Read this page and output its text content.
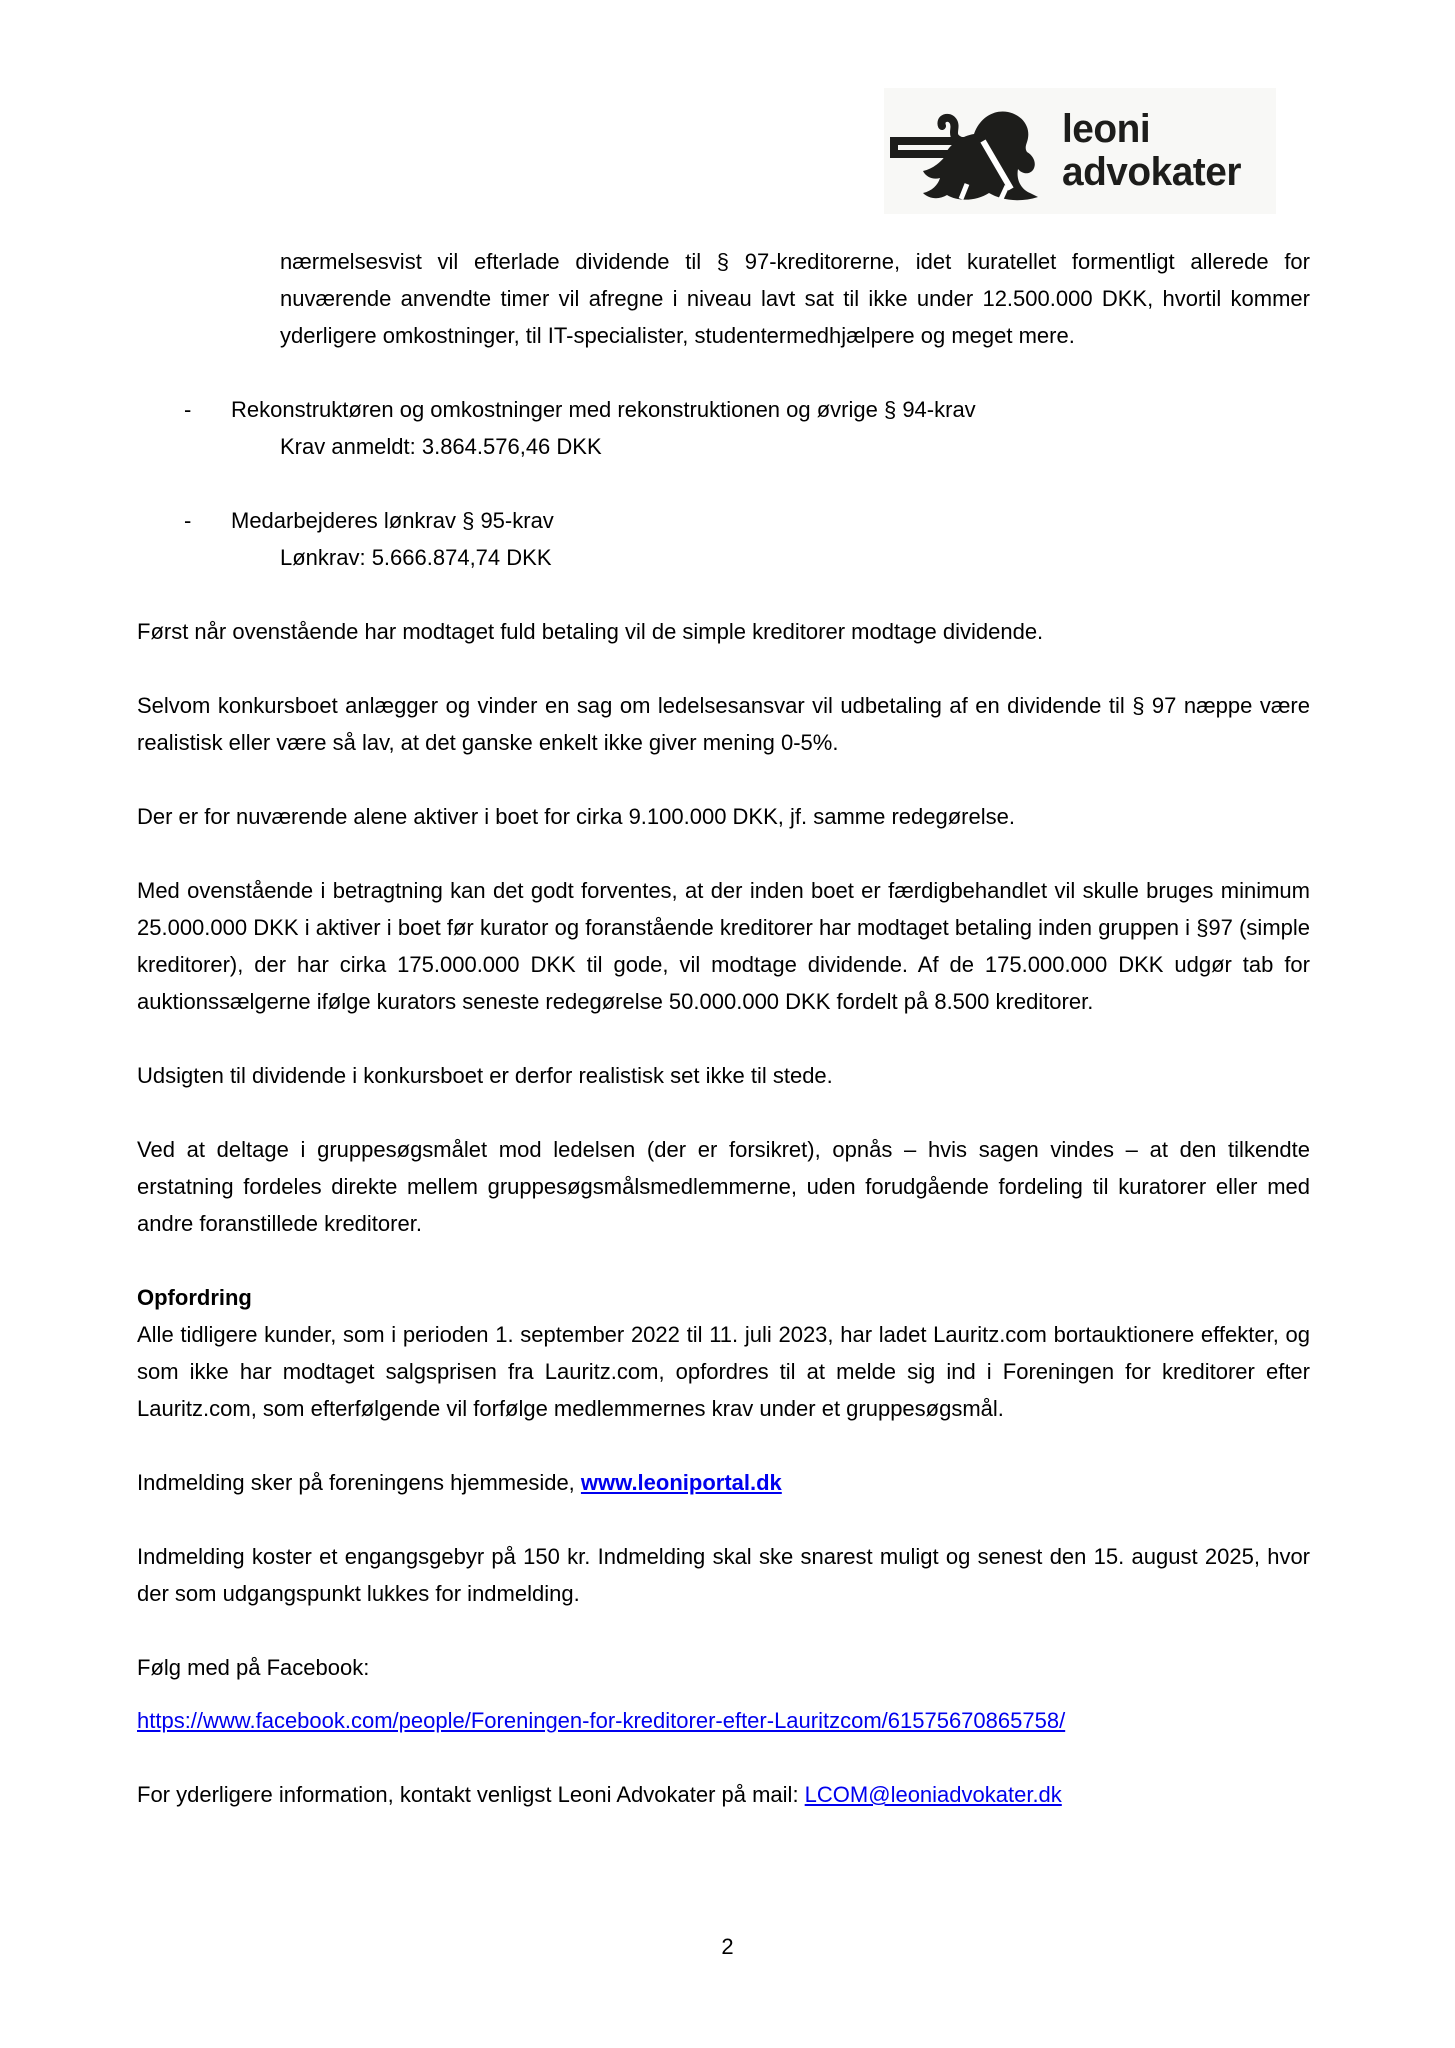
leoni
advokater

nærmelsesvist vil efterlade dividende til § 97-kreditorerne, idet kuratellet formentligt allerede for nuværende anvendte timer vil afregne i niveau lavt sat til ikke under 12.500.000 DKK, hvortil kommer yderligere omkostninger, til IT-specialister, studentermedhjælpere og meget mere.

-	Rekonstruktøren og omkostninger med rekonstruktionen og øvrige § 94-krav
Krav anmeldt: 3.864.576,46 DKK
-	Medarbejderes lønkrav § 95-krav
Lønkrav: 5.666.874,74 DKK

Først når ovenstående har modtaget fuld betaling vil de simple kreditorer modtage dividende.

Selvom konkursboet anlægger og vinder en sag om ledelsesansvar vil udbetaling af en dividende til § 97 næppe være realistisk eller være så lav, at det ganske enkelt ikke giver mening 0-5%.

Der er for nuværende alene aktiver i boet for cirka 9.100.000 DKK, jf. samme redegørelse.

Med ovenstående i betragtning kan det godt forventes, at der inden boet er færdigbehandlet vil skulle bruges minimum 25.000.000 DKK i aktiver i boet før kurator og foranstående kreditorer har modtaget betaling inden gruppen i §97 (simple kreditorer), der har cirka 175.000.000 DKK til gode, vil modtage dividende. Af de 175.000.000 DKK udgør tab for auktionssælgerne ifølge kurators seneste redegørelse 50.000.000 DKK fordelt på 8.500 kreditorer.

Udsigten til dividende i konkursboet er derfor realistisk set ikke til stede.

Ved at deltage i gruppesøgsmålet mod ledelsen (der er forsikret), opnås – hvis sagen vindes – at den tilkendte erstatning fordeles direkte mellem gruppesøgsmålsmedlemmerne, uden forudgående fordeling til kuratorer eller med andre foranstillede kreditorer.

Opfordring

Alle tidligere kunder, som i perioden 1. september 2022 til 11. juli 2023, har ladet Lauritz.com bortauktionere effekter, og som ikke har modtaget salgsprisen fra Lauritz.com, opfordres til at melde sig ind i Foreningen for kreditorer efter Lauritz.com, som efterfølgende vil forfølge medlemmernes krav under et gruppesøgsmål.

Indmelding sker på foreningens hjemmeside, www.leoniportal.dk

Indmelding koster et engangsgebyr på 150 kr. Indmelding skal ske snarest muligt og senest den 15. august 2025, hvor der som udgangspunkt lukkes for indmelding.

Følg med på Facebook:

https://www.facebook.com/people/Foreningen-for-kreditorer-efter-Lauritzcom/61575670865758/

For yderligere information, kontakt venligst Leoni Advokater på mail: LCOM@leoniadvokater.dk

2
